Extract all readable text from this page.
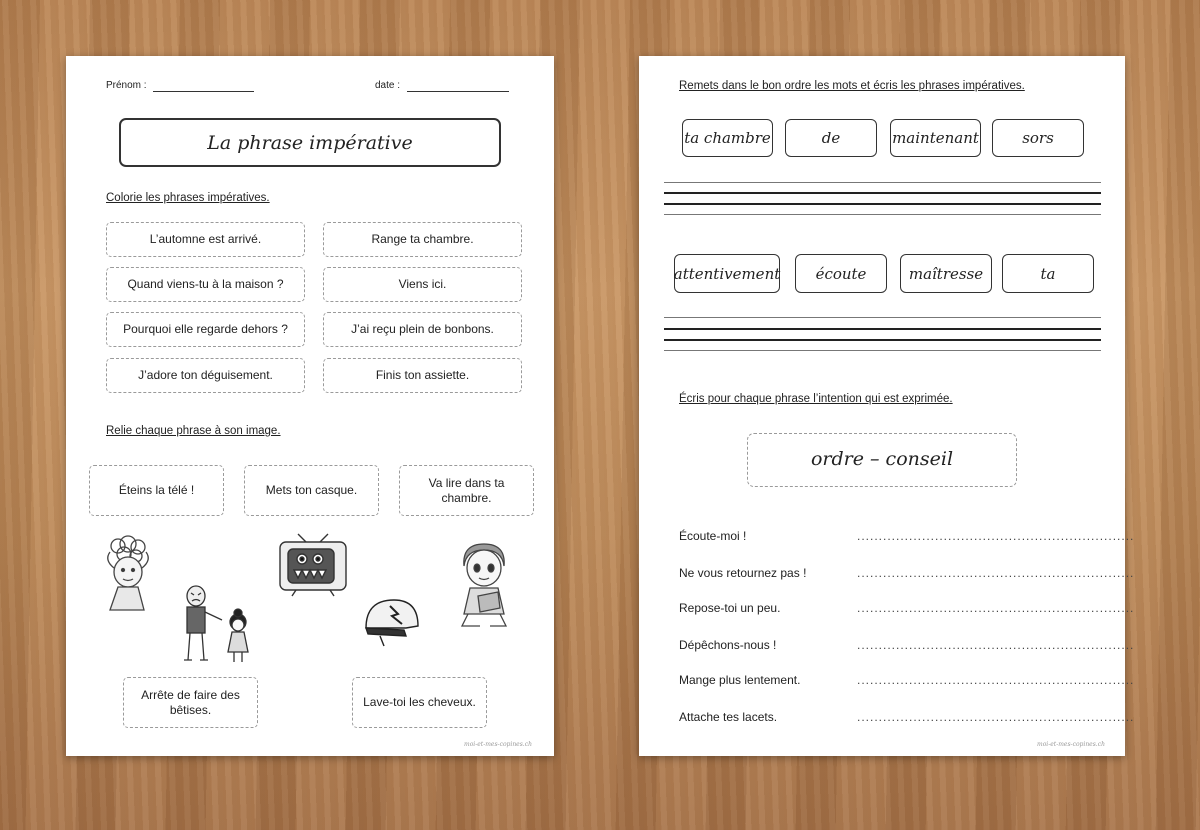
Prénom :	date :
La phrase impérative
Colorie les phrases impératives.
L’automne est arrivé.	Range ta chambre.
Quand viens-tu à la maison ?	Viens ici.
Pourquoi elle regarde dehors ?	J’ai reçu plein de bonbons.
J’adore ton déguisement.	Finis ton assiette.
Relie chaque phrase à son image.
Éteins la télé !	Mets ton casque.
Va lire dans ta chambre.
Arrête de faire des bêtises.
Lave-toi les cheveux.
moi-et-mes-copines.ch
Remets dans le bon ordre les mots et écris les phrases impératives.
ta chambre	de	maintenant	sors
attentivement	écoute	maîtresse	ta
Écris pour chaque phrase l’intention qui est exprimée.
ordre – conseil
Écoute-moi !	................................................................
Ne vous retournez pas !	................................................................
Repose-toi un peu.	................................................................
Dépêchons-nous !	................................................................
Mange plus lentement.	................................................................
Attache tes lacets.	................................................................
moi-et-mes-copines.ch
